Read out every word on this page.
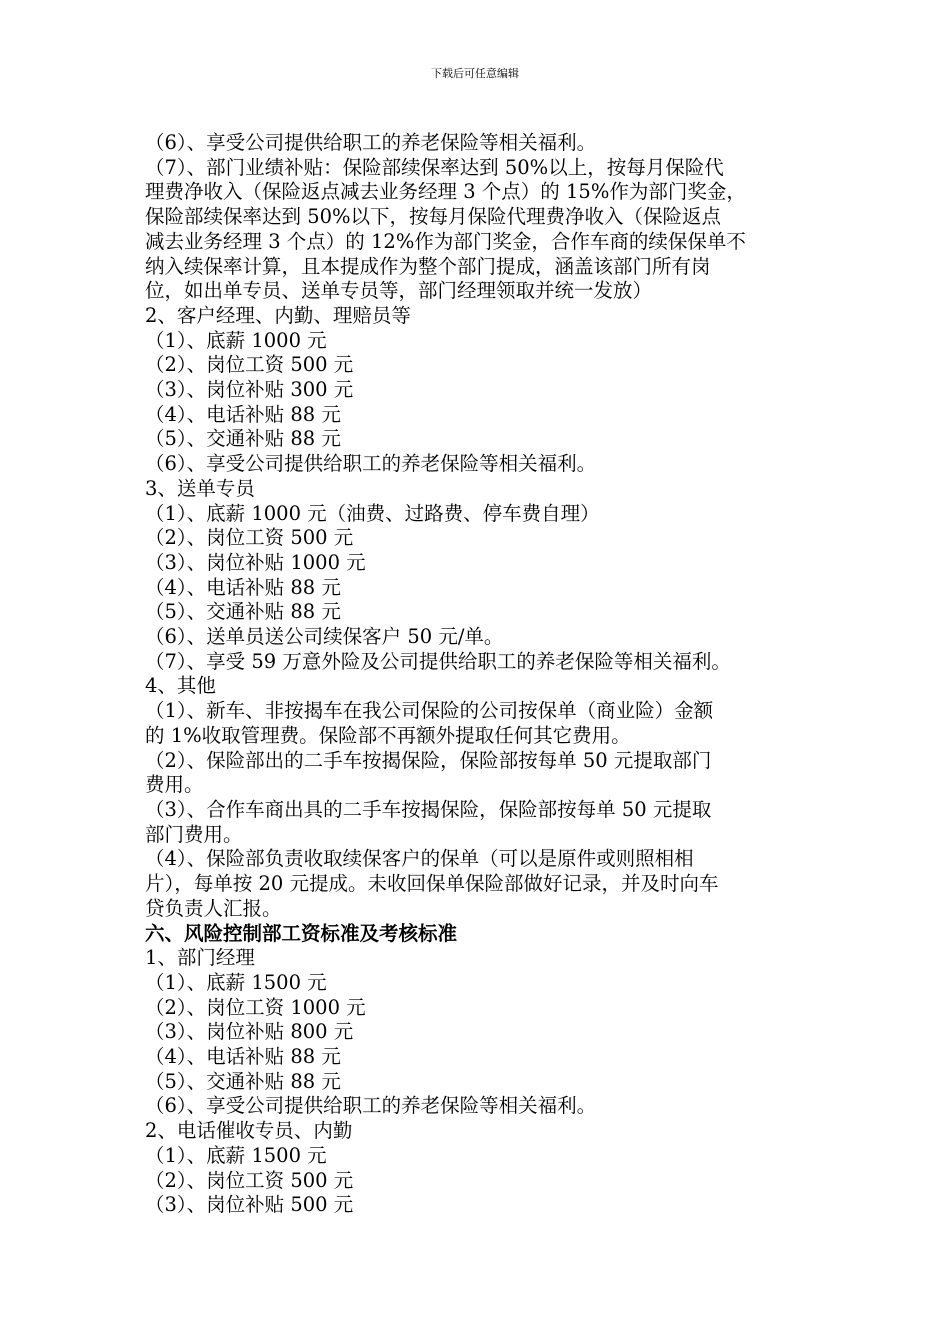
下载后可任意编辑
（6）、享受公司提供给职工的养老保险等相关福利。
（7）、部门业绩补贴：保险部续保率达到 50%以上，按每月保险代
理费净收入（保险返点减去业务经理 3 个点）的 15%作为部门奖金，
保险部续保率达到 50%以下，按每月保险代理费净收入（保险返点
减去业务经理 3 个点）的 12%作为部门奖金，合作车商的续保保单不
纳入续保率计算，且本提成作为整个部门提成，涵盖该部门所有岗
位，如出单专员、送单专员等，部门经理领取并统一发放）
2、客户经理、内勤、理赔员等
（1）、底薪 1000 元
（2）、岗位工资 500 元
（3）、岗位补贴 300 元
（4）、电话补贴 88 元
（5）、交通补贴 88 元
（6）、享受公司提供给职工的养老保险等相关福利。
3、送单专员
（1）、底薪 1000 元（油费、过路费、停车费自理）
（2）、岗位工资 500 元
（3）、岗位补贴 1000 元
（4）、电话补贴 88 元
（5）、交通补贴 88 元
（6）、送单员送公司续保客户 50 元/单。
（7）、享受 59 万意外险及公司提供给职工的养老保险等相关福利。
4、其他
（1）、新车、非按揭车在我公司保险的公司按保单（商业险）金额
的 1%收取管理费。保险部不再额外提取任何其它费用。
（2）、保险部出的二手车按揭保险，保险部按每单 50 元提取部门
费用。
（3）、合作车商出具的二手车按揭保险，保险部按每单 50 元提取
部门费用。
（4）、保险部负责收取续保客户的保单（可以是原件或则照相相
片），每单按 20 元提成。未收回保单保险部做好记录，并及时向车
贷负责人汇报。
六、风险控制部工资标准及考核标准
1、部门经理
（1）、底薪 1500 元
（2）、岗位工资 1000 元
（3）、岗位补贴 800 元
（4）、电话补贴 88 元
（5）、交通补贴 88 元
（6）、享受公司提供给职工的养老保险等相关福利。
2、电话催收专员、内勤
（1）、底薪 1500 元
（2）、岗位工资 500 元
（3）、岗位补贴 500 元
